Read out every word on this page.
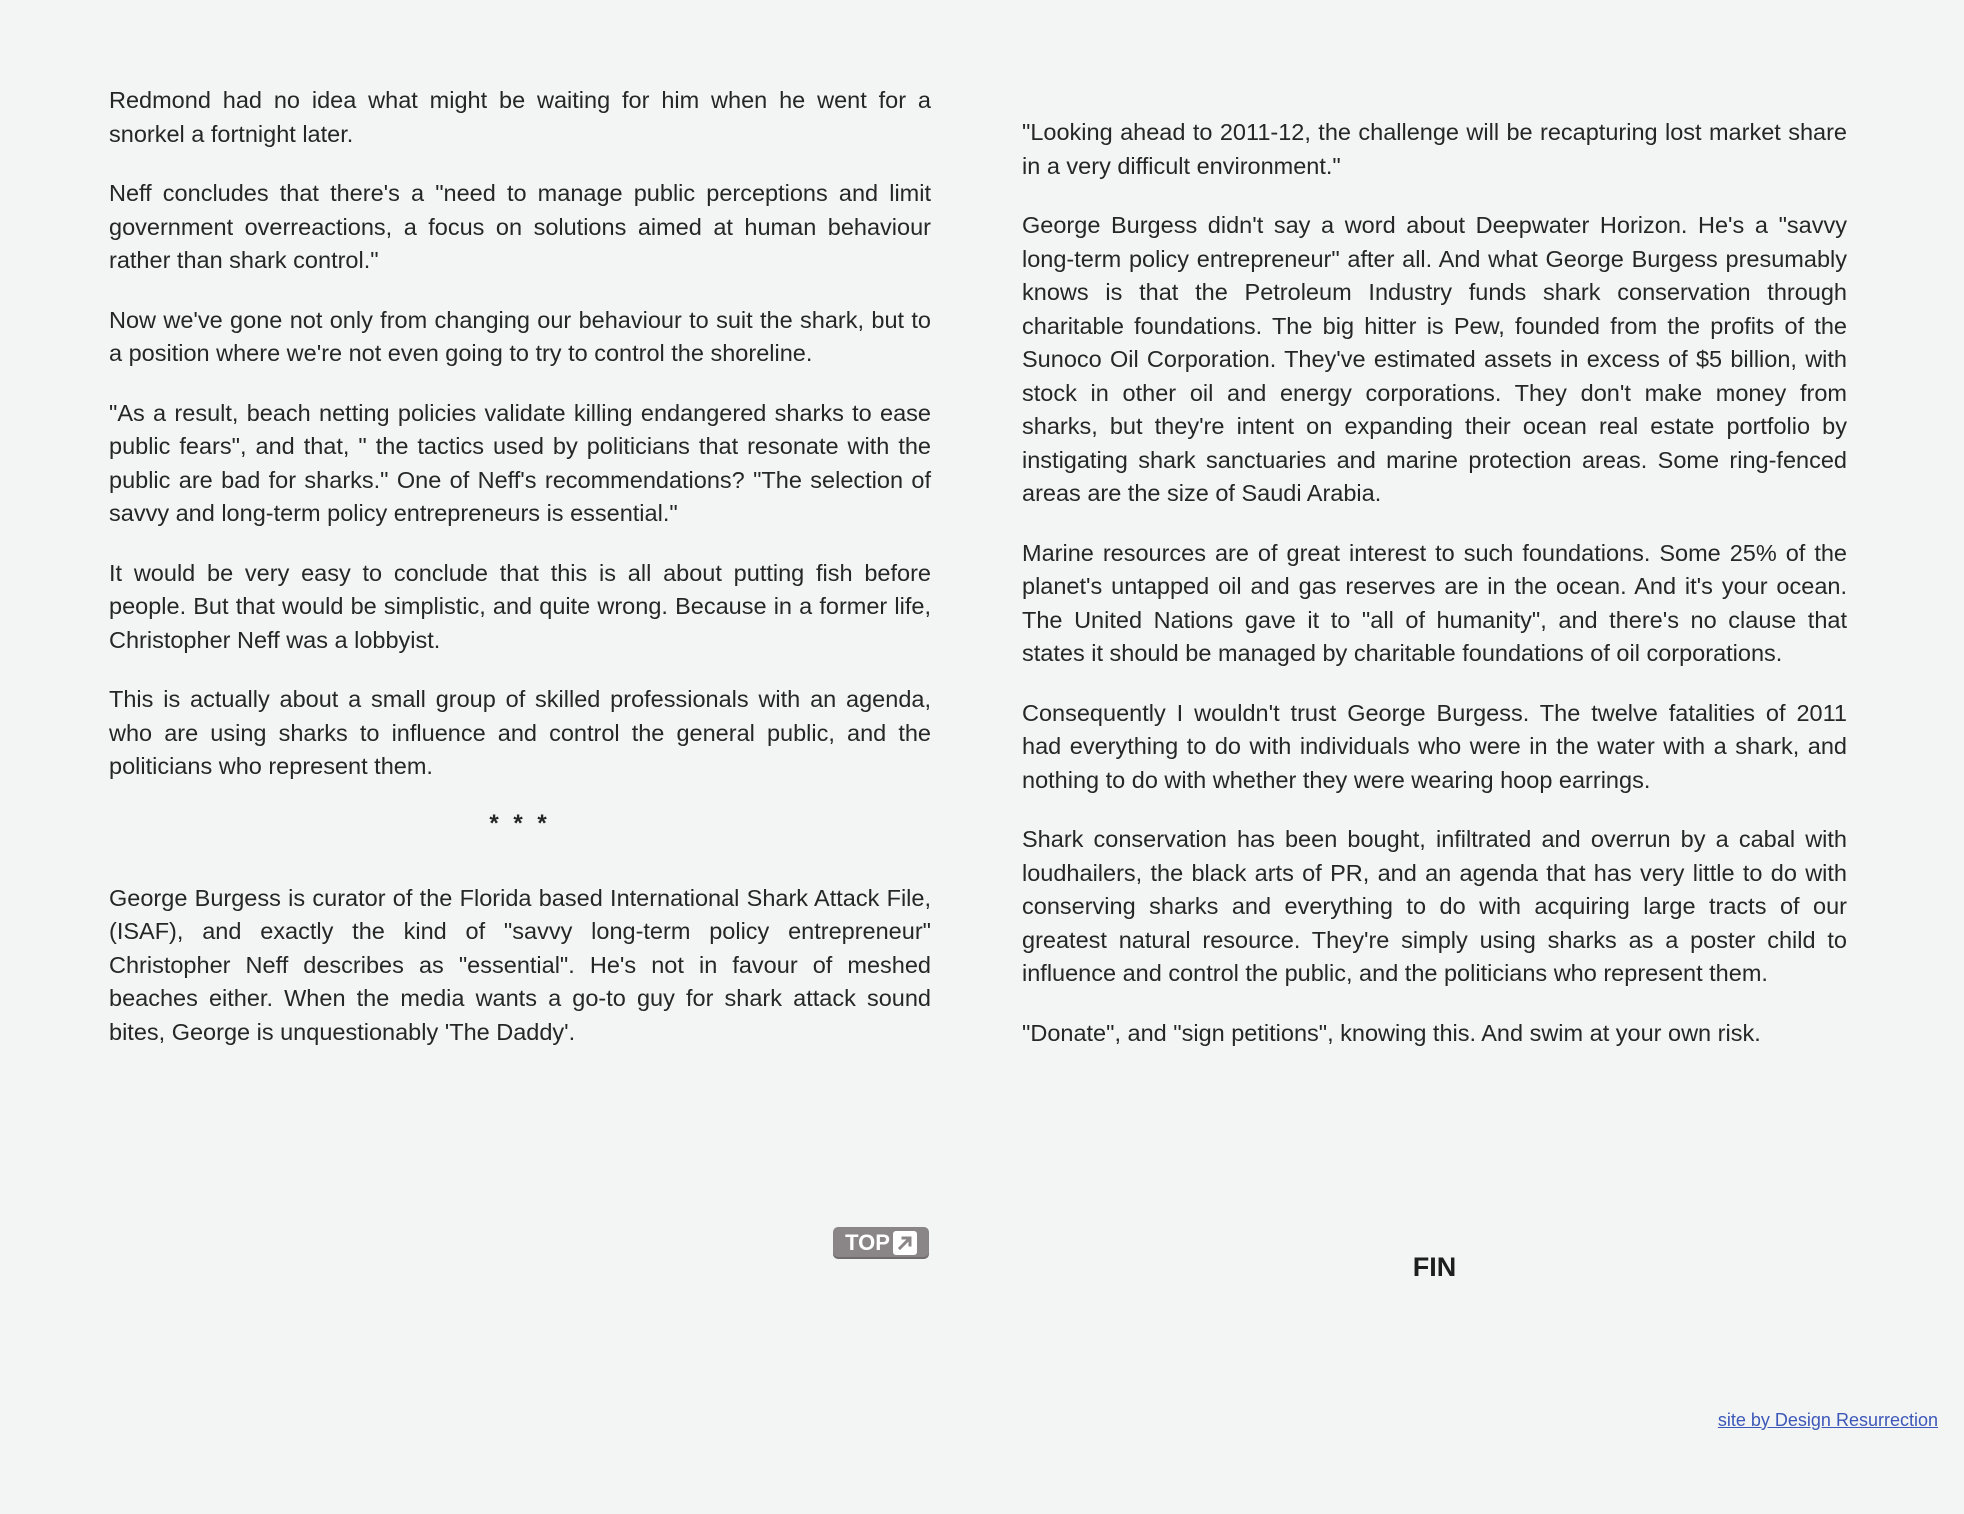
Redmond had no idea what might be waiting for him when he went for a snorkel a fortnight later.

Neff concludes that there's a "need to manage public perceptions and limit government overreactions, a focus on solutions aimed at human behaviour rather than shark control."

Now we've gone not only from changing our behaviour to suit the shark, but to a position where we're not even going to try to control the shoreline.

"As a result, beach netting policies validate killing endangered sharks to ease public fears", and that, " the tactics used by politicians that resonate with the public are bad for sharks." One of Neff's recommendations? "The selection of savvy and long-term policy entrepreneurs is essential."

It would be very easy to conclude that this is all about putting fish before people. But that would be simplistic, and quite wrong. Because in a former life, Christopher Neff was a lobbyist.

This is actually about a small group of skilled professionals with an agenda, who are using sharks to influence and control the general public, and the politicians who represent them.

* * *

George Burgess is curator of the Florida based International Shark Attack File, (ISAF), and exactly the kind of "savvy long-term policy entrepreneur" Christopher Neff describes as "essential". He's not in favour of meshed beaches either. When the media wants a go-to guy for shark attack sound bites, George is unquestionably 'The Daddy'.

TOP

"Looking ahead to 2011-12, the challenge will be recapturing lost market share in a very difficult environment."

George Burgess didn't say a word about Deepwater Horizon. He's a "savvy long-term policy entrepreneur" after all. And what George Burgess presumably knows is that the Petroleum Industry funds shark conservation through charitable foundations. The big hitter is Pew, founded from the profits of the Sunoco Oil Corporation. They've estimated assets in excess of $5 billion, with stock in other oil and energy corporations. They don't make money from sharks, but they're intent on expanding their ocean real estate portfolio by instigating shark sanctuaries and marine protection areas. Some ring-fenced areas are the size of Saudi Arabia.

Marine resources are of great interest to such foundations. Some 25% of the planet's untapped oil and gas reserves are in the ocean. And it's your ocean. The United Nations gave it to "all of humanity", and there's no clause that states it should be managed by charitable foundations of oil corporations.

Consequently I wouldn't trust George Burgess. The twelve fatalities of 2011 had everything to do with individuals who were in the water with a shark, and nothing to do with whether they were wearing hoop earrings.

Shark conservation has been bought, infiltrated and overrun by a cabal with loudhailers, the black arts of PR, and an agenda that has very little to do with conserving sharks and everything to do with acquiring large tracts of our greatest natural resource. They're simply using sharks as a poster child to influence and control the public, and the politicians who represent them.

"Donate", and "sign petitions", knowing this. And swim at your own risk.

FIN
site by Design Resurrection
